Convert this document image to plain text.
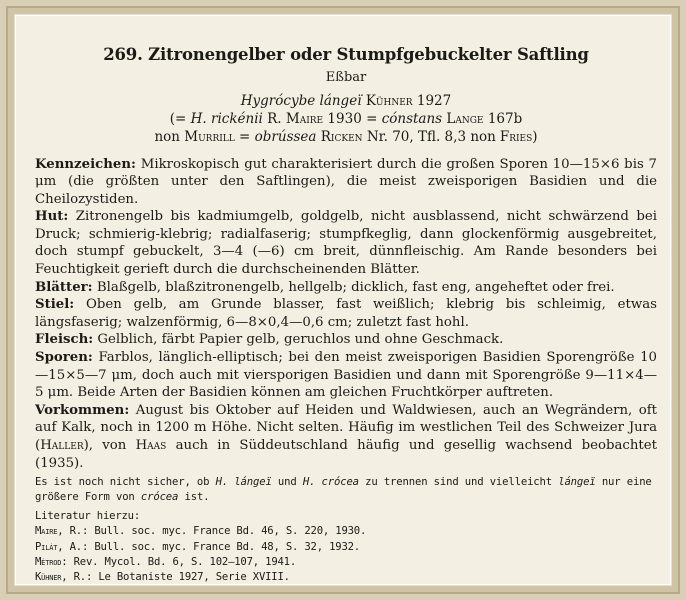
269. Zitronengelber oder Stumpfgebuckelter Saftling
Eßbar
Hygrócybe lángeï Kühner 1927
(= H. rickénii R. Maire 1930 = cónstans Lange 167b
non Murrill = obrússea Ricken Nr. 70, Tfl. 8,3 non Fries)

Kennzeichen: Mikroskopisch gut charakterisiert durch die großen Sporen 10—15×6 bis 7 μm (die größten unter den Saftlingen), die meist zweisporigen Basidien und die Cheilozystiden.

Hut: Zitronengelb bis kadmiumgelb, goldgelb, nicht ausblassend, nicht schwärzend bei Druck; schmierig-klebrig; radialfaserig; stumpfkeglig, dann glockenförmig ausgebreitet, doch stumpf gebuckelt, 3—4 (—6) cm breit, dünnfleischig. Am Rande besonders bei Feuchtigkeit gerieft durch die durchscheinenden Blätter.

Blätter: Blaßgelb, blaßzitronengelb, hellgelb; dicklich, fast eng, angeheftet oder frei.

Stiel: Oben gelb, am Grunde blasser, fast weißlich; klebrig bis schleimig, etwas längsfaserig; walzenförmig, 6—8×0,4—0,6 cm; zuletzt fast hohl.

Fleisch: Gelblich, färbt Papier gelb, geruchlos und ohne Geschmack.

Sporen: Farblos, länglich-elliptisch; bei den meist zweisporigen Basidien Sporengröße 10—15×5—7 μm, doch auch mit viersporigen Basidien und dann mit Sporengröße 9—11×4—5 μm. Beide Arten der Basidien können am gleichen Fruchtkörper auftreten.

Vorkommen: August bis Oktober auf Heiden und Waldwiesen, auch an Wegrändern, oft auf Kalk, noch in 1200 m Höhe. Nicht selten. Häufig im westlichen Teil des Schweizer Jura (Haller), von Haas auch in Süddeutschland häufig und gesellig wachsend beobachtet (1935).

Es ist noch nicht sicher, ob H. lángeï und H. crócea zu trennen sind und vielleicht lángeï nur eine größere Form von crócea ist.
Literatur hierzu:
Maire, R.: Bull. soc. myc. France Bd. 46, S. 220, 1930.
Pilát, A.: Bull. soc. myc. France Bd. 48, S. 32, 1932.
Métrod: Rev. Mycol. Bd. 6, S. 102—107, 1941.
Kühner, R.: Le Botaniste 1927, Serie XVIII.
